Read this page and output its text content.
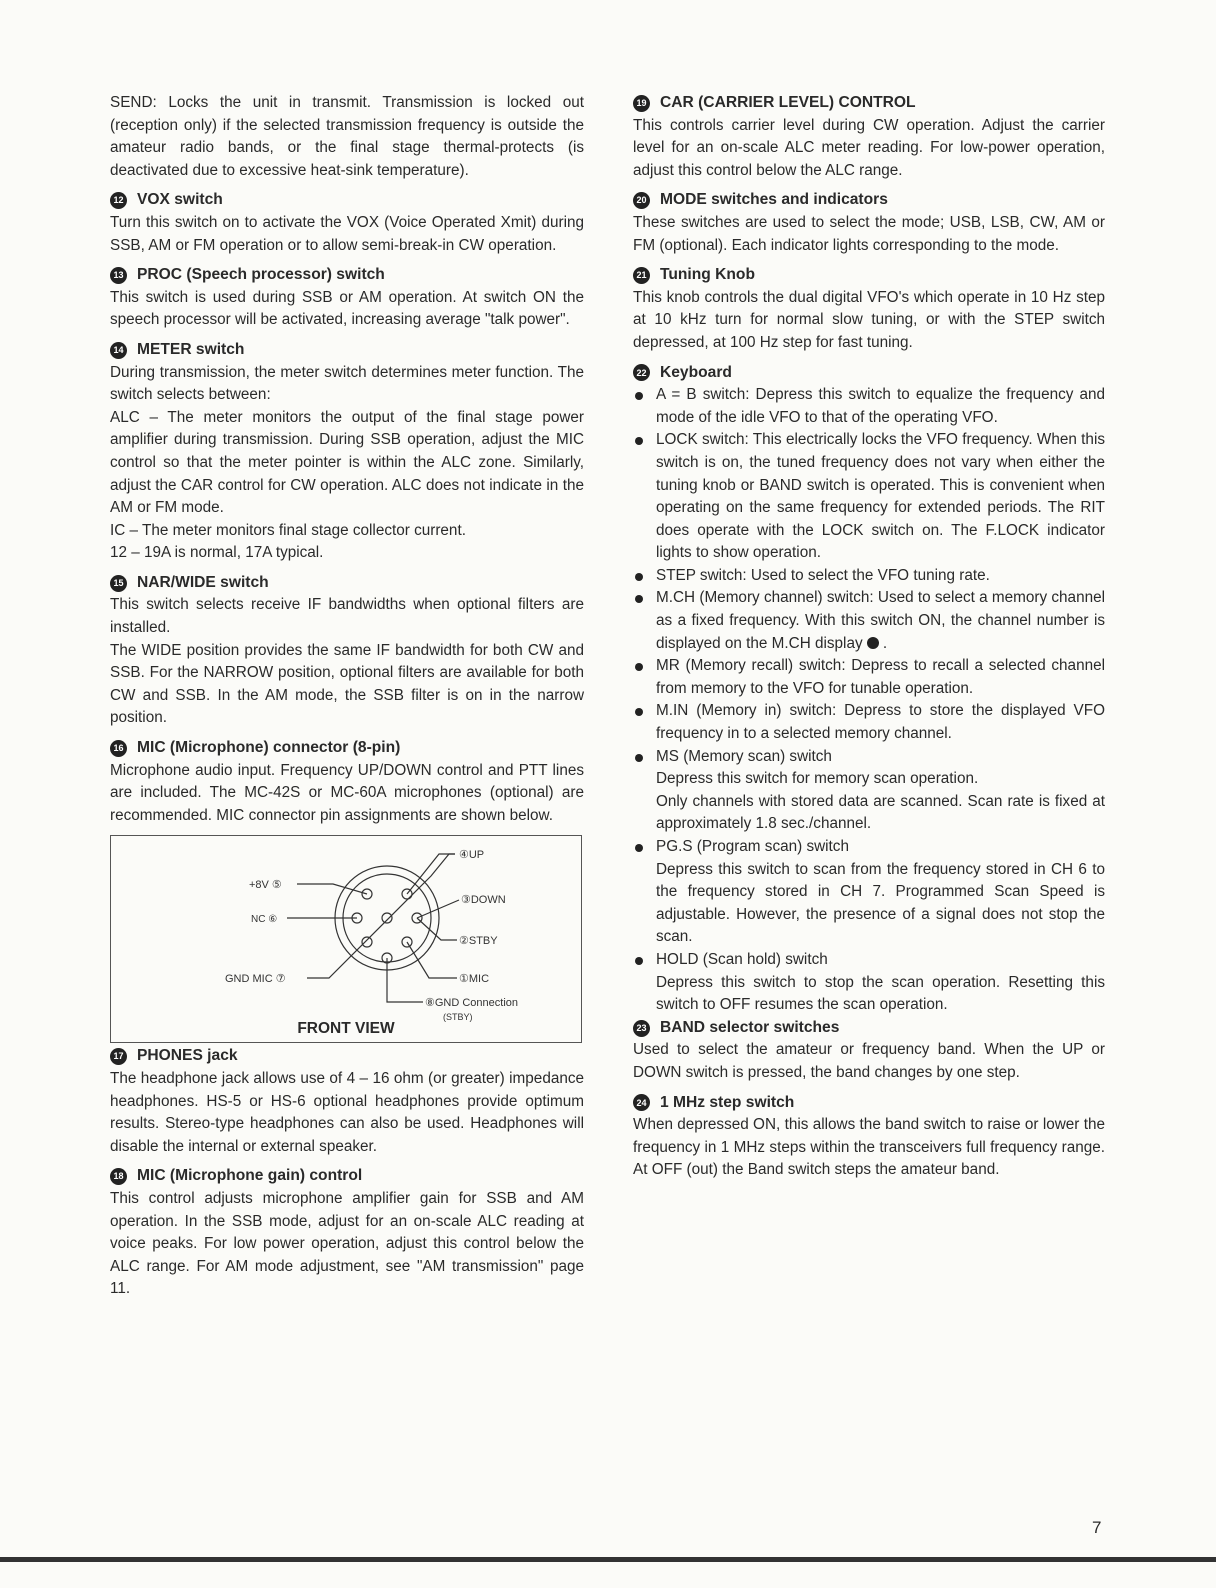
SEND: Locks the unit in transmit. Transmission is locked out (reception only) if the selected transmission frequency is outside the amateur radio bands, or the final stage thermal-protects (is deactivated due to excessive heat-sink temperature).

12 VOX switch

Turn this switch on to activate the VOX (Voice Operated Xmit) during SSB, AM or FM operation or to allow semi-break-in CW operation.

13 PROC (Speech processor) switch

This switch is used during SSB or AM operation. At switch ON the speech processor will be activated, increasing average "talk power".

14 METER switch

During transmission, the meter switch determines meter function. The switch selects between:

ALC – The meter monitors the output of the final stage power amplifier during transmission. During SSB operation, adjust the MIC control so that the meter pointer is within the ALC zone. Similarly, adjust the CAR control for CW operation. ALC does not indicate in the AM or FM mode.

IC – The meter monitors final stage collector current.

12 – 19A is normal, 17A typical.

15 NAR/WIDE switch

This switch selects receive IF bandwidths when optional filters are installed.

The WIDE position provides the same IF bandwidth for both CW and SSB. For the NARROW position, optional filters are available for both CW and SSB. In the AM mode, the SSB filter is on in the narrow position.

16 MIC (Microphone) connector (8-pin)

Microphone audio input. Frequency UP/DOWN control and PTT lines are included. The MC-42S or MC-60A microphones (optional) are recommended. MIC connector pin assignments are shown below.

④UP
③DOWN
②STBY
①MIC
⑧GND Connection
(STBY)
+8V ⑤
NC ⑥
GND MIC ⑦
FRONT VIEW
17 PHONES jack

The headphone jack allows use of 4 – 16 ohm (or greater) impedance headphones. HS-5 or HS-6 optional headphones provide optimum results. Stereo-type headphones can also be used. Headphones will disable the internal or external speaker.

18 MIC (Microphone gain) control

This control adjusts microphone amplifier gain for SSB and AM operation. In the SSB mode, adjust for an on-scale ALC reading at voice peaks. For low power operation, adjust this control below the ALC range. For AM mode adjustment, see "AM transmission" page 11.

19 CAR (CARRIER LEVEL) CONTROL

This controls carrier level during CW operation. Adjust the carrier level for an on-scale ALC meter reading. For low-power operation, adjust this control below the ALC range.

20 MODE switches and indicators

These switches are used to select the mode; USB, LSB, CW, AM or FM (optional). Each indicator lights corresponding to the mode.

21 Tuning Knob

This knob controls the dual digital VFO's which operate in 10 Hz step at 10 kHz turn for normal slow tuning, or with the STEP switch depressed, at 100 Hz step for fast tuning.

22 Keyboard
A = B switch: Depress this switch to equalize the frequency and mode of the idle VFO to that of the operating VFO.
LOCK switch: This electrically locks the VFO frequency. When this switch is on, the tuned frequency does not vary when either the tuning knob or BAND switch is operated. This is convenient when operating on the same frequency for extended periods. The RIT does operate with the LOCK switch on. The F.LOCK indicator lights to show operation.
STEP switch: Used to select the VFO tuning rate.
M.CH (Memory channel) switch: Used to select a memory channel as a fixed frequency. With this switch ON, the channel number is displayed on the M.CH display .
MR (Memory recall) switch: Depress to recall a selected channel from memory to the VFO for tunable operation.
M.IN (Memory in) switch: Depress to store the displayed VFO frequency in to a selected memory channel.
MS (Memory scan) switch
Depress this switch for memory scan operation.
Only channels with stored data are scanned. Scan rate is fixed at approximately 1.8 sec./channel.
PG.S (Program scan) switch
Depress this switch to scan from the frequency stored in CH 6 to the frequency stored in CH 7. Programmed Scan Speed is adjustable. However, the presence of a signal does not stop the scan.
HOLD (Scan hold) switch
Depress this switch to stop the scan operation. Resetting this switch to OFF resumes the scan operation.
23 BAND selector switches

Used to select the amateur or frequency band. When the UP or DOWN switch is pressed, the band changes by one step.

24 1 MHz step switch

When depressed ON, this allows the band switch to raise or lower the frequency in 1 MHz steps within the transceivers full frequency range. At OFF (out) the Band switch steps the amateur band.

7
